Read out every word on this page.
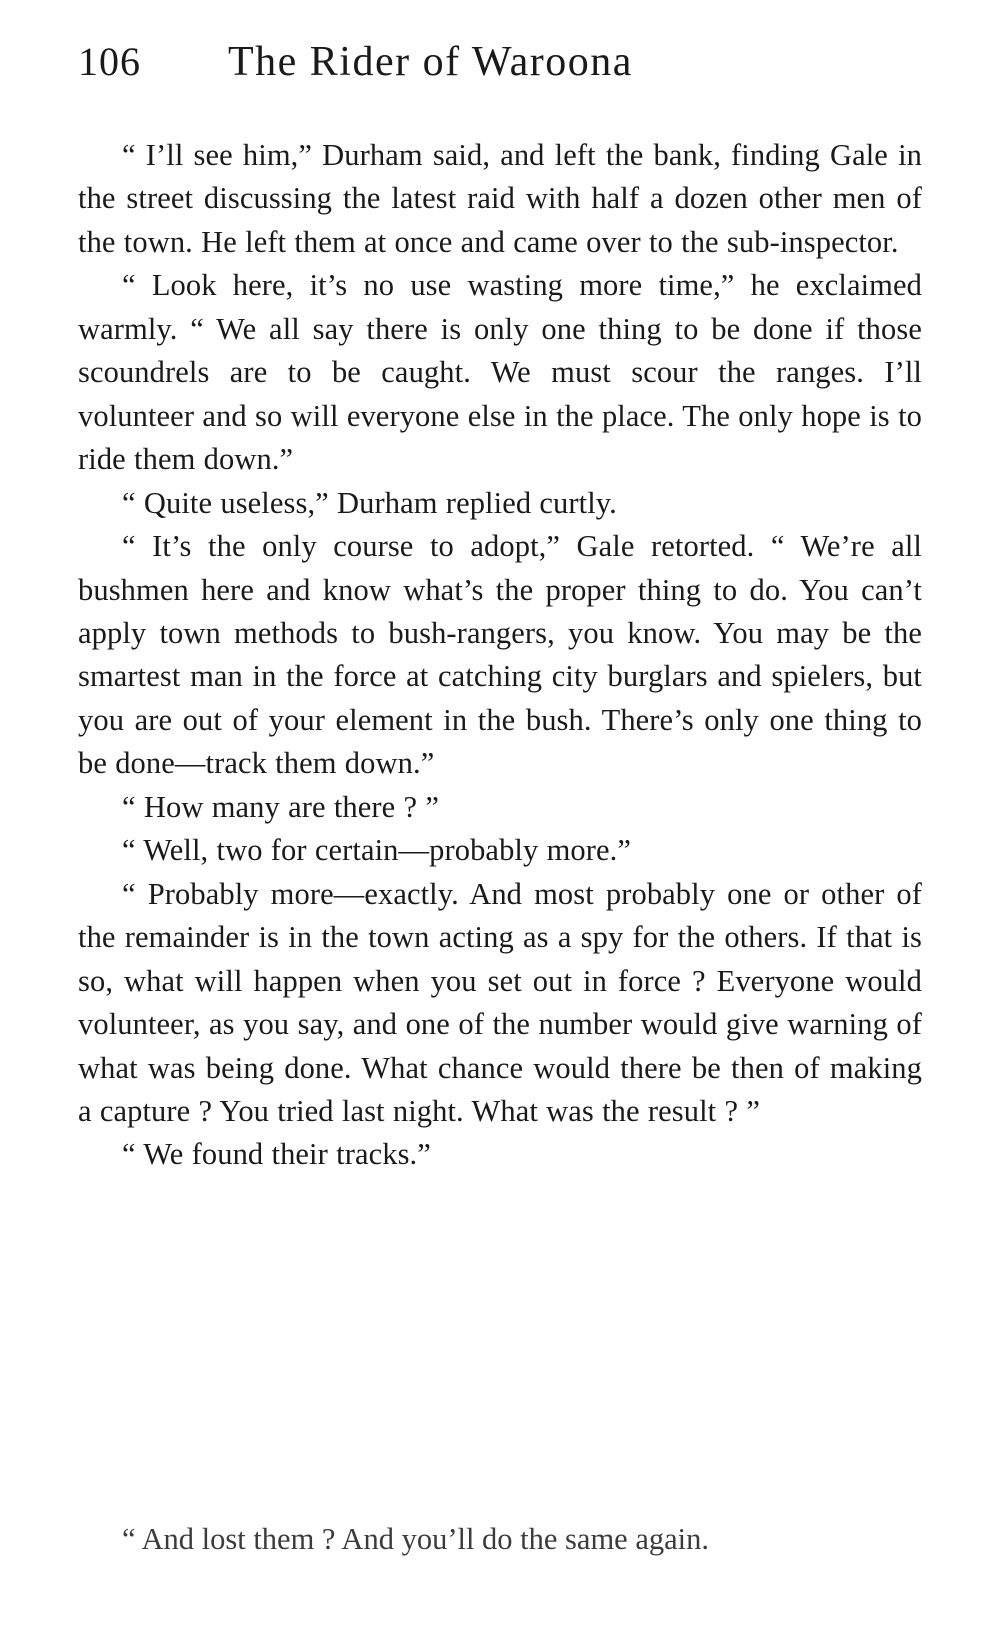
106	The Rider of Waroona

“ I’ll see him,” Durham said, and left the bank, finding Gale in the street discussing the latest raid with half a dozen other men of the town. He left them at once and came over to the sub-inspector.

“ Look here, it’s no use wasting more time,” he exclaimed warmly. “ We all say there is only one thing to be done if those scoundrels are to be caught. We must scour the ranges. I’ll volunteer and so will everyone else in the place. The only hope is to ride them down.”

“ Quite useless,” Durham replied curtly.

“ It’s the only course to adopt,” Gale retorted. “ We’re all bushmen here and know what’s the proper thing to do. You can’t apply town methods to bush-rangers, you know. You may be the smartest man in the force at catching city burglars and spielers, but you are out of your element in the bush. There’s only one thing to be done—track them down.”

“ How many are there ? ”

“ Well, two for certain—probably more.”

“ Probably more—exactly. And most probably one or other of the remainder is in the town acting as a spy for the others. If that is so, what will happen when you set out in force ? Everyone would volunteer, as you say, and one of the number would give warning of what was being done. What chance would there be then of making a capture ? You tried last night. What was the result ? ”

“ We found their tracks.”

“ And lost them ? And you’ll do the same again.
